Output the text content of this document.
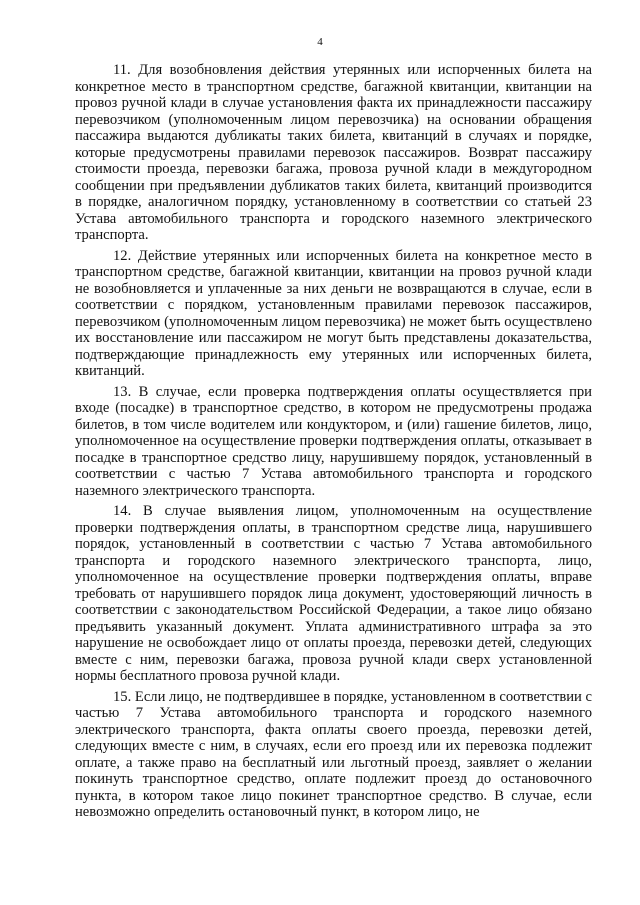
4

11. Для возобновления действия утерянных или испорченных билета на конкретное место в транспортном средстве, багажной квитанции, квитанции на провоз ручной клади в случае установления факта их принадлежности пассажиру перевозчиком (уполномоченным лицом перевозчика) на основании обращения пассажира выдаются дубликаты таких билета, квитанций в случаях и порядке, которые предусмотрены правилами перевозок пассажиров. Возврат пассажиру стоимости проезда, перевозки багажа, провоза ручной клади в междугородном сообщении при предъявлении дубликатов таких билета, квитанций производится в порядке, аналогичном порядку, установленному в соответствии со статьей 23 Устава автомобильного транспорта и городского наземного электрического транспорта.

12. Действие утерянных или испорченных билета на конкретное место в транспортном средстве, багажной квитанции, квитанции на провоз ручной клади не возобновляется и уплаченные за них деньги не возвращаются в случае, если в соответствии с порядком, установленным правилами перевозок пассажиров, перевозчиком (уполномоченным лицом перевозчика) не может быть осуществлено их восстановление или пассажиром не могут быть представлены доказательства, подтверждающие принадлежность ему утерянных или испорченных билета, квитанций.

13. В случае, если проверка подтверждения оплаты осуществляется при входе (посадке) в транспортное средство, в котором не предусмотрены продажа билетов, в том числе водителем или кондуктором, и (или) гашение билетов, лицо, уполномоченное на осуществление проверки подтверждения оплаты, отказывает в посадке в транспортное средство лицу, нарушившему порядок, установленный в соответствии с частью 7 Устава автомобильного транспорта и городского наземного электрического транспорта.

14. В случае выявления лицом, уполномоченным на осуществление проверки подтверждения оплаты, в транспортном средстве лица, нарушившего порядок, установленный в соответствии с частью 7 Устава автомобильного транспорта и городского наземного электрического транспорта, лицо, уполномоченное на осуществление проверки подтверждения оплаты, вправе требовать от нарушившего порядок лица документ, удостоверяющий личность в соответствии с законодательством Российской Федерации, а такое лицо обязано предъявить указанный документ. Уплата административного штрафа за это нарушение не освобождает лицо от оплаты проезда, перевозки детей, следующих вместе с ним, перевозки багажа, провоза ручной клади сверх установленной нормы бесплатного провоза ручной клади.

15. Если лицо, не подтвердившее в порядке, установленном в соответствии с частью 7 Устава автомобильного транспорта и городского наземного электрического транспорта, факта оплаты своего проезда, перевозки детей, следующих вместе с ним, в случаях, если его проезд или их перевозка подлежит оплате, а также право на бесплатный или льготный проезд, заявляет о желании покинуть транспортное средство, оплате подлежит проезд до остановочного пункта, в котором такое лицо покинет транспортное средство. В случае, если невозможно определить остановочный пункт, в котором лицо, не
